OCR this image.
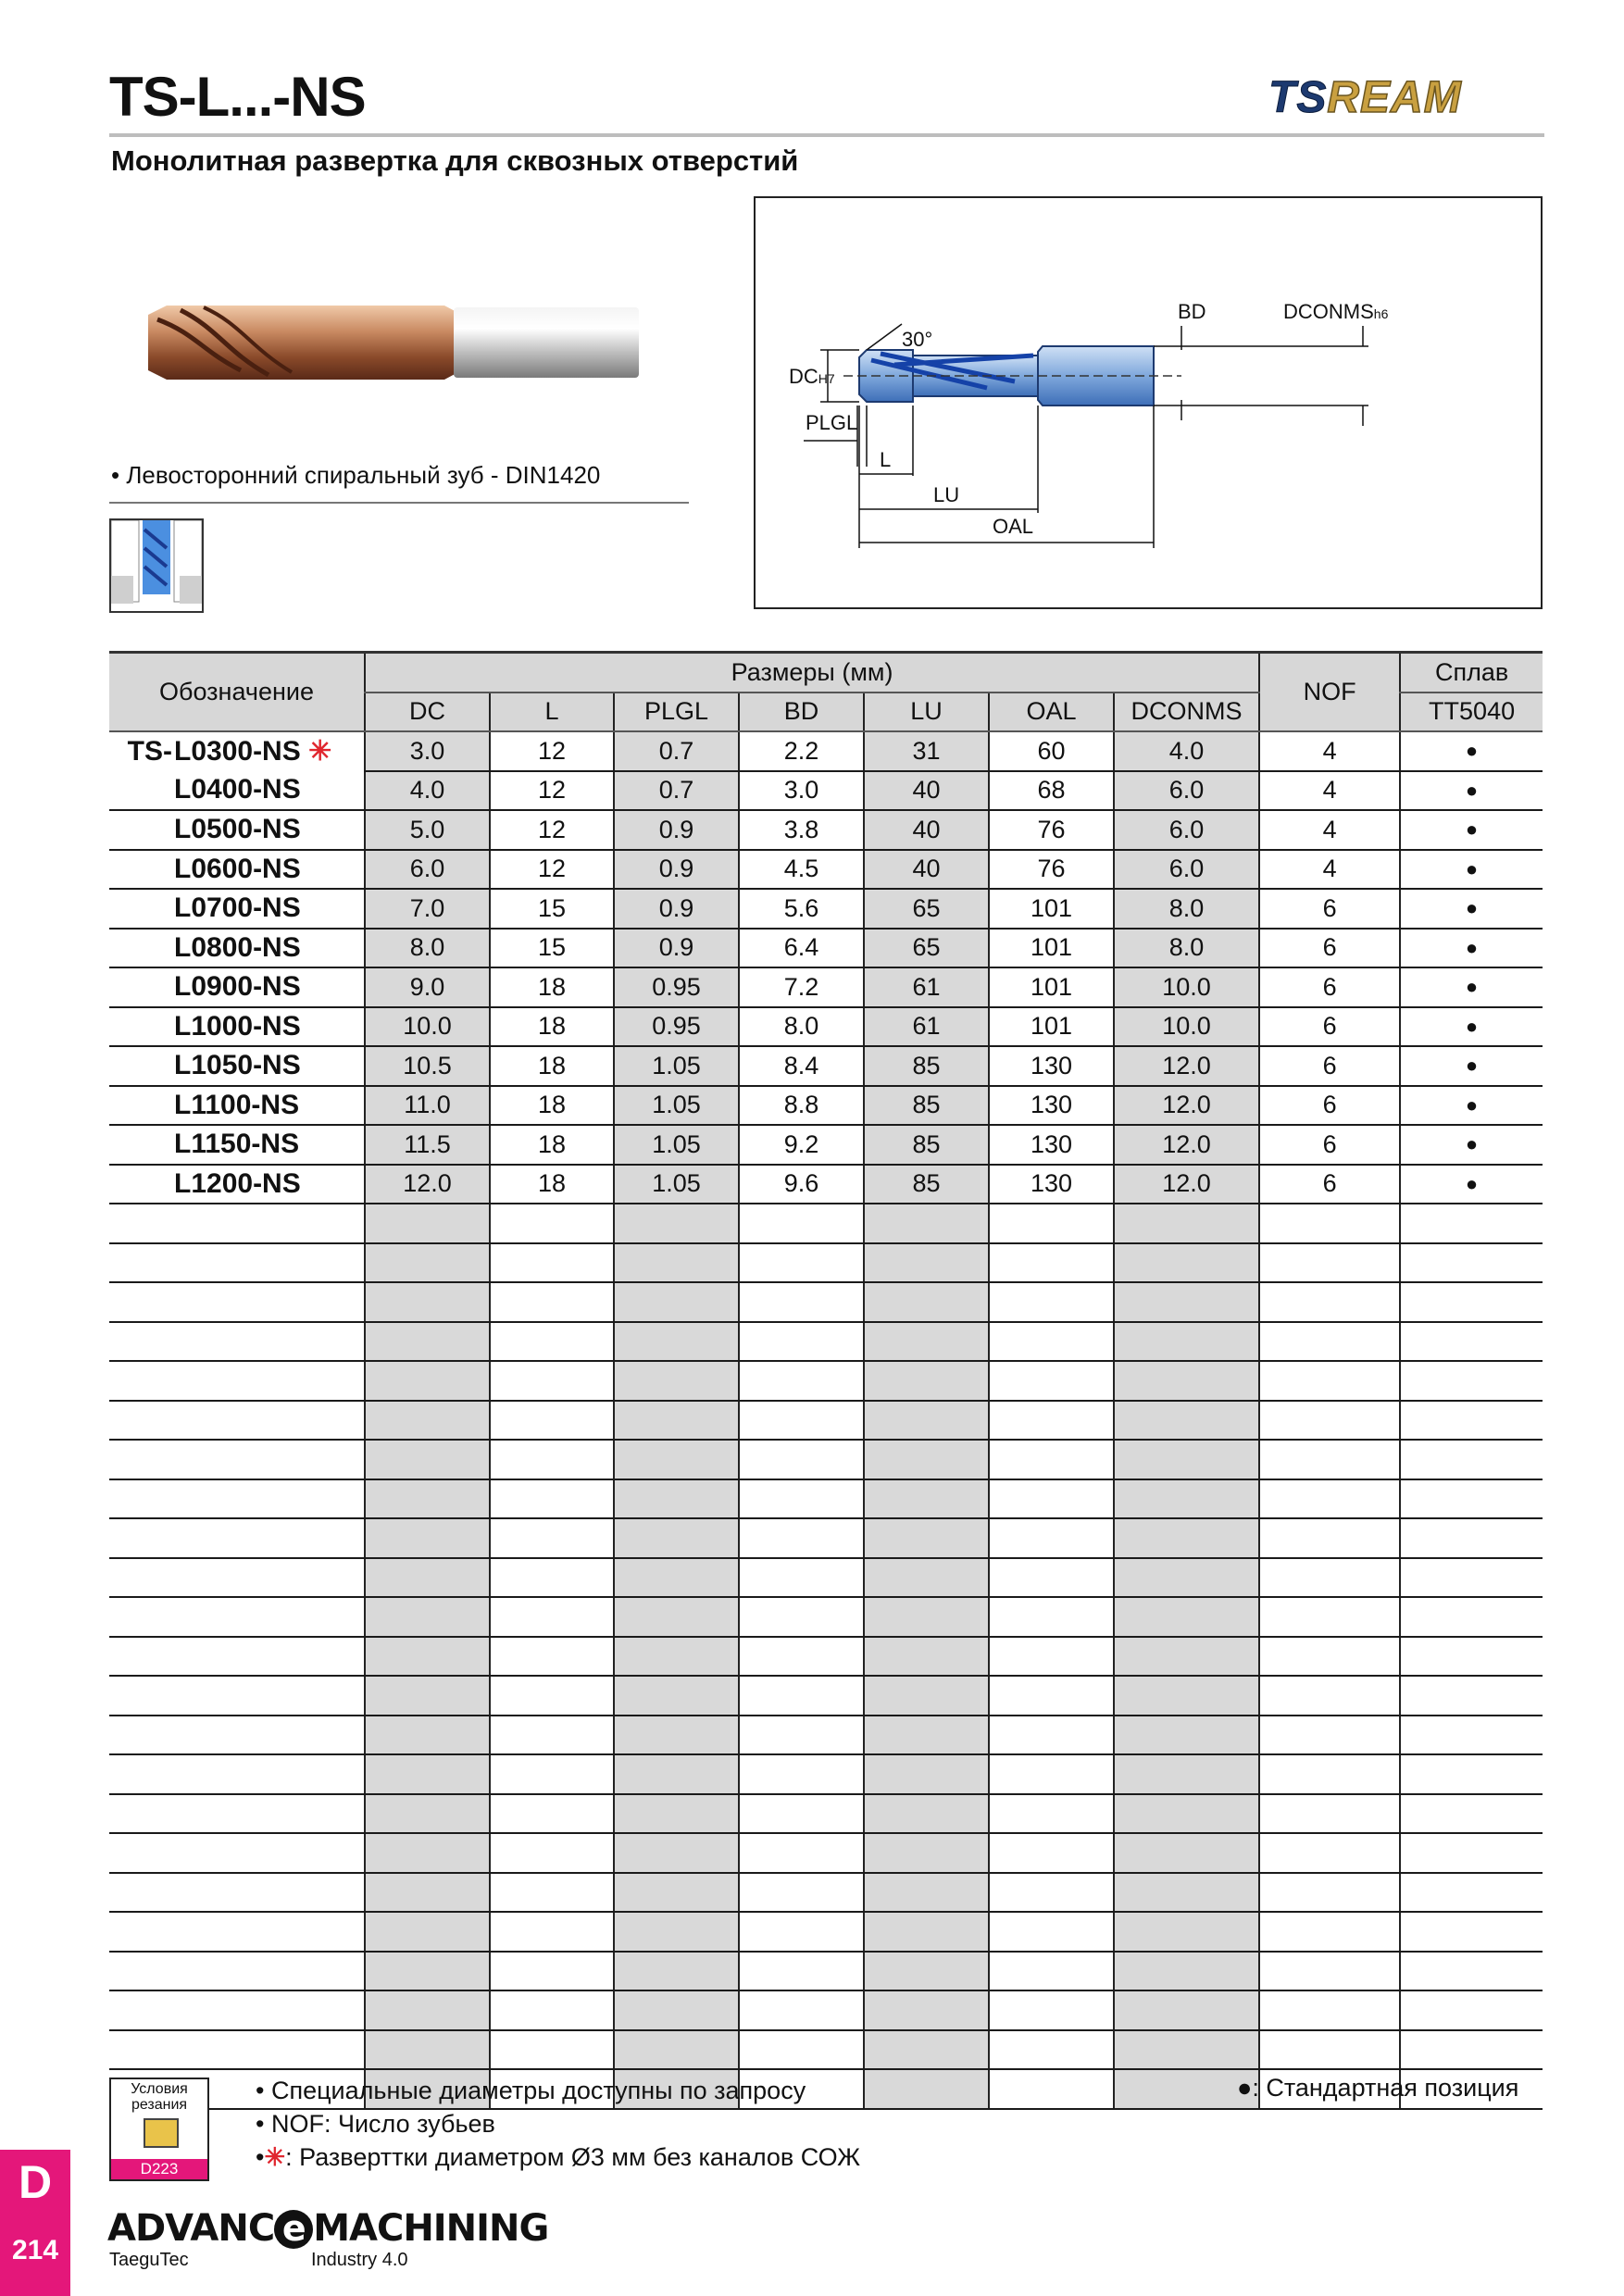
TS-L...-NS	TSREAM
Монолитная развертка для сквозных отверстий
• Левосторонний спиральный зуб - DIN1420
30°
BD	DCONMSh6
DCH7
PLGL
L
LU
OAL
Обозначение	Размеры (мм)							NOF	Сплав
	DC	L	PLGL	BD	LU	OAL	DCONMS		TT5040
TS-L0300-NS ✳	3.0	12	0.7	2.2	31	60	4.0	4	●
L0400-NS	4.0	12	0.7	3.0	40	68	6.0	4	●
L0500-NS	5.0	12	0.9	3.8	40	76	6.0	4	●
L0600-NS	6.0	12	0.9	4.5	40	76	6.0	4	●
L0700-NS	7.0	15	0.9	5.6	65	101	8.0	6	●
L0800-NS	8.0	15	0.9	6.4	65	101	8.0	6	●
L0900-NS	9.0	18	0.95	7.2	61	101	10.0	6	●
L1000-NS	10.0	18	0.95	8.0	61	101	10.0	6	●
L1050-NS	10.5	18	1.05	8.4	85	130	12.0	6	●
L1100-NS	11.0	18	1.05	8.8	85	130	12.0	6	●
L1150-NS	11.5	18	1.05	9.2	85	130	12.0	6	●
L1200-NS	12.0	18	1.05	9.6	85	130	12.0	6	●

Условия резания
D223
• Специальные диаметры доступны по запросу
• NOF: Число зубьев
•✳: Разверттки диаметром Ø3 мм без каналов СОЖ
●: Стандартная позиция
D
214
ADVANC e MACHINING
TaeguTec	Industry 4.0
